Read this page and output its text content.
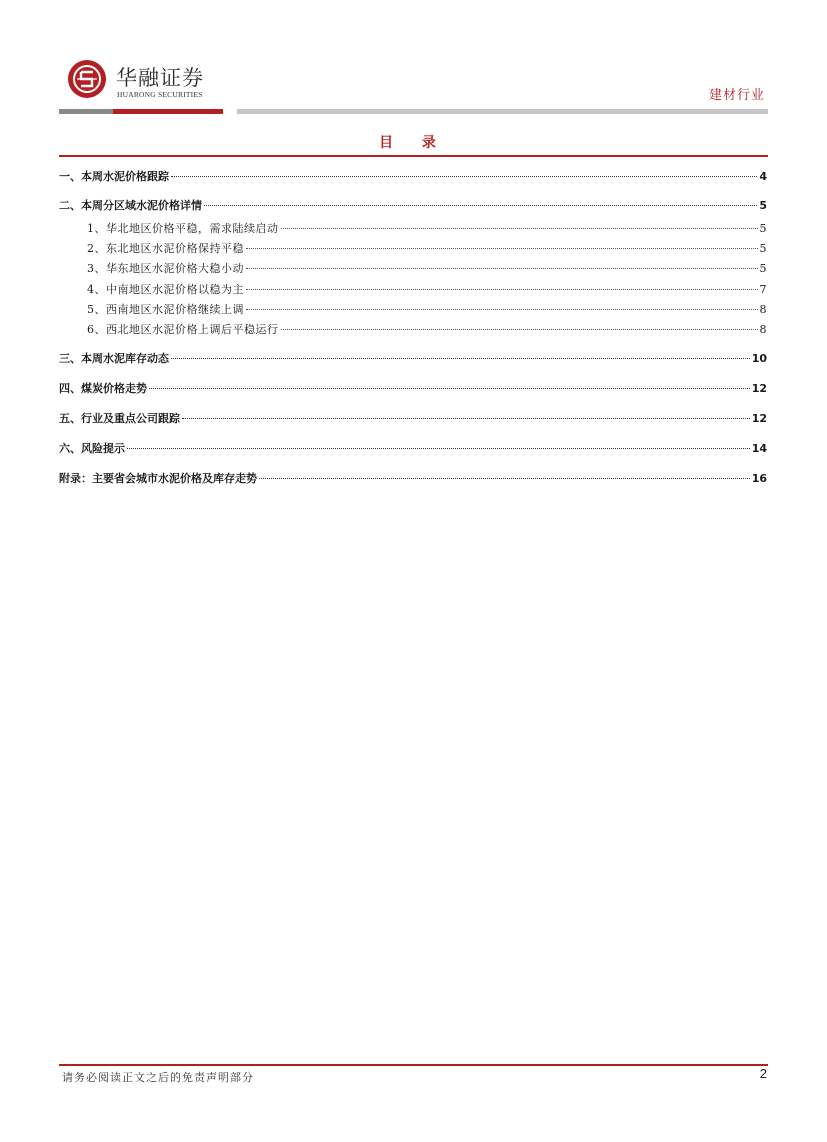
华融证券
HUARONG SECURITIES	建材行业
目 录
一、本周水泥价格跟踪	4
二、本周分区域水泥价格详情	5
1、华北地区价格平稳，需求陆续启动	5
2、东北地区水泥价格保持平稳	5
3、华东地区水泥价格大稳小动	5
4、中南地区水泥价格以稳为主	7
5、西南地区水泥价格继续上调	8
6、西北地区水泥价格上调后平稳运行	8
三、本周水泥库存动态	10
四、煤炭价格走势	12
五、行业及重点公司跟踪	12
六、风险提示	14
附录：主要省会城市水泥价格及库存走势	16
请务必阅读正文之后的免责声明部分	2
